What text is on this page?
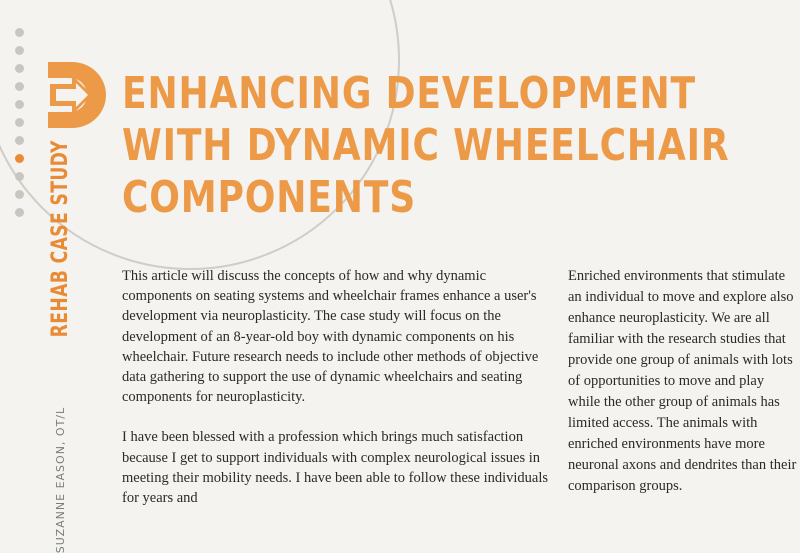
SUZANNE EASON, OT/L
REHAB CASE STUDY
ENHANCING DEVELOPMENT
WITH DYNAMIC WHEELCHAIR
COMPONENTS

This article will discuss the concepts of how and why dynamic components on seating systems and wheelchair frames enhance a user's development via neuroplasticity. The case study will focus on the development of an 8-year-old boy with dynamic components on his wheelchair. Future research needs to include other methods of objective data gathering to support the use of dynamic wheelchairs and seating components for neuroplasticity.

I have been blessed with a profession which brings much satisfaction because I get to support individuals with complex neurological issues in meeting their mobility needs. I have been able to follow these individuals for years and

Enriched environments that stimulate an individual to move and explore also enhance neuroplasticity. We are all familiar with the research studies that provide one group of animals with lots of opportunities to move and play while the other group of animals has limited access. The animals with enriched environments have more neuronal axons and dendrites than their comparison groups.
